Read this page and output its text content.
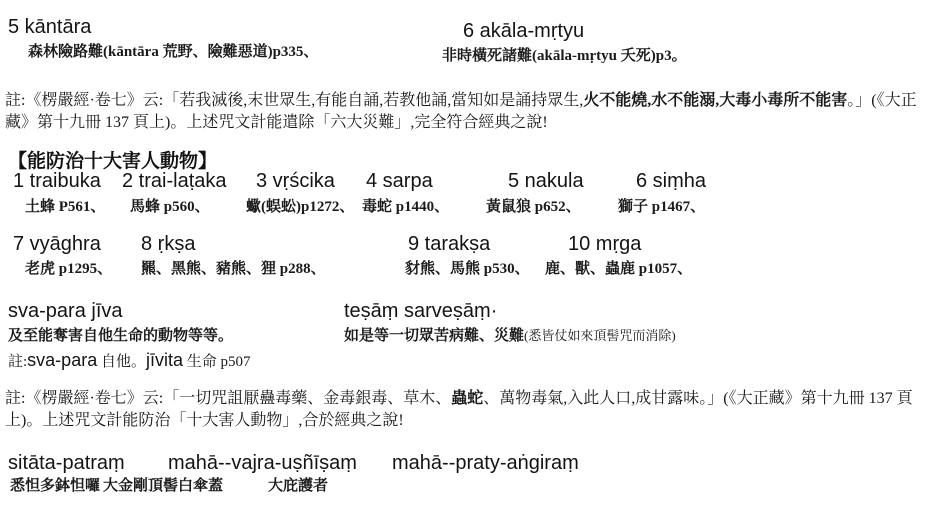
5 kāntāra
森林險路難(kāntāra 荒野、險難惡道)p335、
6 akāla-mṛtyu
非時橫死諸難(akāla-mṛtyu 夭死)p3。
註:《楞嚴經·卷七》云:「若我滅後,末世眾生,有能自誦,若教他誦,當知如是誦持眾生,火不能燒,水不能溺,大毒小毒所不能害。」(《大正藏》第十九冊 137 頁上)。上述咒文計能遣除「六大災難」,完全符合經典之說!
【能防治十大害人動物】
1 traibuka 2 trai-laṭaka 3 vṛścika 4 sarpa	5 nakula	6 siṃha
土蜂 P561、 馬蜂 p560、 蠍(蜈蚣)p1272、 毒蛇 p1440、 黃鼠狼 p652、 獅子 p1467、
7 vyāghra 8 ṛkṣa	9 tarakṣa	10 mṛga
老虎 p1295、 羆、黑熊、豬熊、狸 p288、	豺熊、馬熊 p530、 鹿、獸、蟲鹿 p1057、
sva-para jīva
及至能奪害自他生命的動物等等。
註:sva-para 自他。jīvita 生命 p507
teṣāṃ sarveṣāṃ·
如是等一切眾苦病難、災難(悉皆仗如來頂髻咒而消除)
註:《楞嚴經·卷七》云:「一切咒詛厭蠱毒藥、金毒銀毒、草木、蟲蛇、萬物毒氣,入此人口,成甘露味。」(《大正藏》第十九冊 137 頁上)。上述咒文計能防治「十大害人動物」,合於經典之說!
sitāta-patraṃ mahā--vajra-uṣñīṣaṃ mahā--praty-aṅgiraṃ
悉怛多鉢怛囉 大金剛頂髻白傘蓋	大庇護者
